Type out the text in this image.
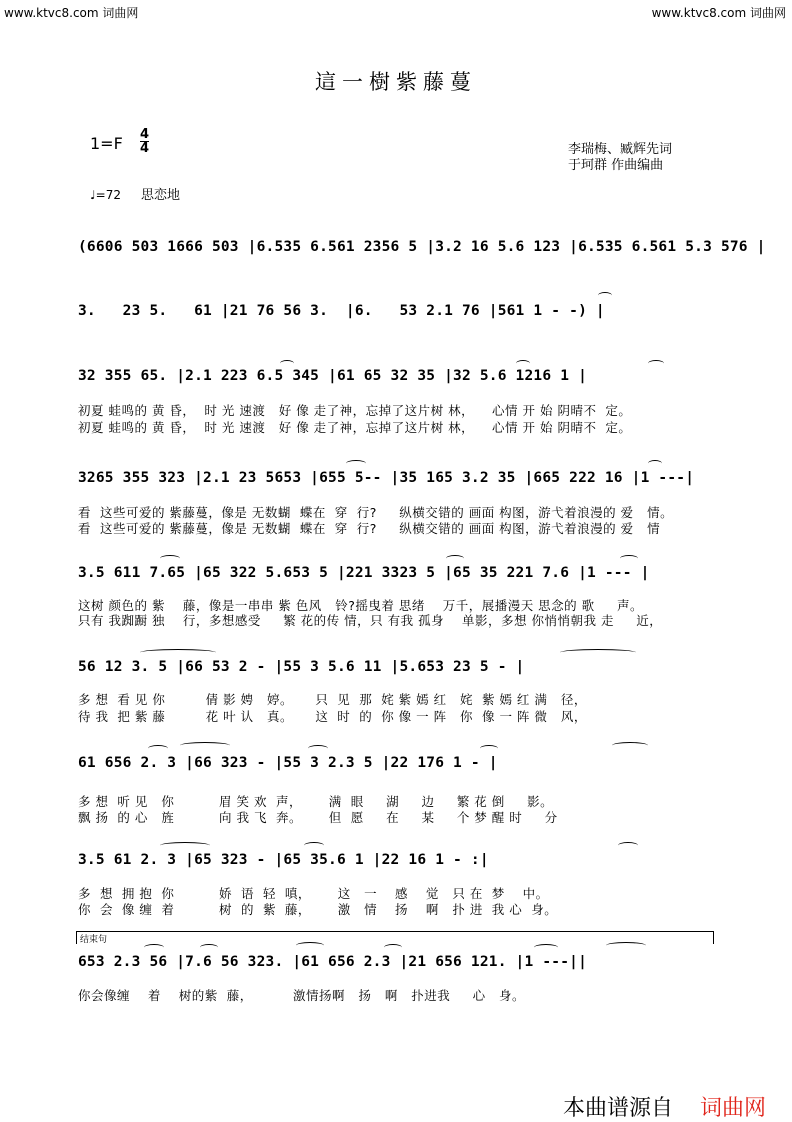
www.ktvc8.com 词曲网	www.ktvc8.com 词曲网
這一樹紫藤蔓
1=F 4
4	李瑞梅、臧辉先词
于珂群 作曲编曲
♩=72 思恋地
(6606 503 1666 503 |6.535 6.561 2356 5 |3.2 16 5.6 123 |6.535 6.561 5.3 576 |
3.   23 5.   61 |21 76 56 3.  |6.   53 2.1 76 |561 1 - -) |
32 355 65. |2.1 223 6.5 345 |61 65 32 35 |32 5.6 1216 1 |
初夏 蛙鸣的 黄 昏，  时 光 速渡   好 像 走了神，忘掉了这片树 林，    心情 开 始 阴晴不  定。
初夏 蛙鸣的 黄 昏，  时 光 速渡   好 像 走了神，忘掉了这片树 林，    心情 开 始 阴晴不  定。
3265 355 323 |2.1 23 5653 |655 5-- |35 165 3.2 35 |665 222 16 |1 ---|
看  这些可爱的 紫藤蔓，像是 无数蝴  蝶在  穿  行?     纵横交错的 画面 构图，游弋着浪漫的 爱   情。
看  这些可爱的 紫藤蔓，像是 无数蝴  蝶在  穿  行?     纵横交错的 画面 构图，游弋着浪漫的 爱   情
3.5 611 7.65 |65 322 5.653 5 |221 3323 5 |65 35 221 7.6 |1 --- |
这树 颜色的 紫    藤，像是一串串 紫 色风   铃?摇曳着 思绪    万千，展播漫天 思念的 歌     声。
只有 我踟蹰 独    行，多想感受     繁 花的传 情，只 有我 孤身    单影，多想 你悄悄朝我 走     近，
56 12 3. 5 |66 53 2 - |55 3 5.6 11 |5.653 23 5 - |
多 想  看 见 你         倩 影 娉   婷。     只  见  那  姹 紫 嫣 红   姹  紫 嫣 红 满   径，
待 我  把 紫 藤         花 叶 认   真。     这  时  的  你 像 一 阵   你  像 一 阵 微   风，
61 656 2. 3 |66 323 - |55 3 2.3 5 |22 176 1 - |
多 想  听 见   你          眉 笑 欢  声，      满  眼     湖     边     繁 花 倒     影。
飘 扬  的 心   旌          向 我 飞  奔。      但  愿     在     某     个 梦 醒 时     分
3.5 61 2. 3 |65 323 - |65 35.6 1 |22 16 1 - :|
多  想  拥 抱  你          娇  语  轻  嗔，      这   一    感    觉   只 在  梦    中。
你  会  像 缠  着          树  的  紫  藤，      激   情    扬    啊   扑 进  我 心  身。
结束句
653 2.3 56 |7.6 56 323. |61 656 2.3 |21 656 121. |1 ---||
你会像缠    着    树的紫  藤，         激情扬啊   扬   啊   扑进我     心   身。
本曲谱源自 词曲网
